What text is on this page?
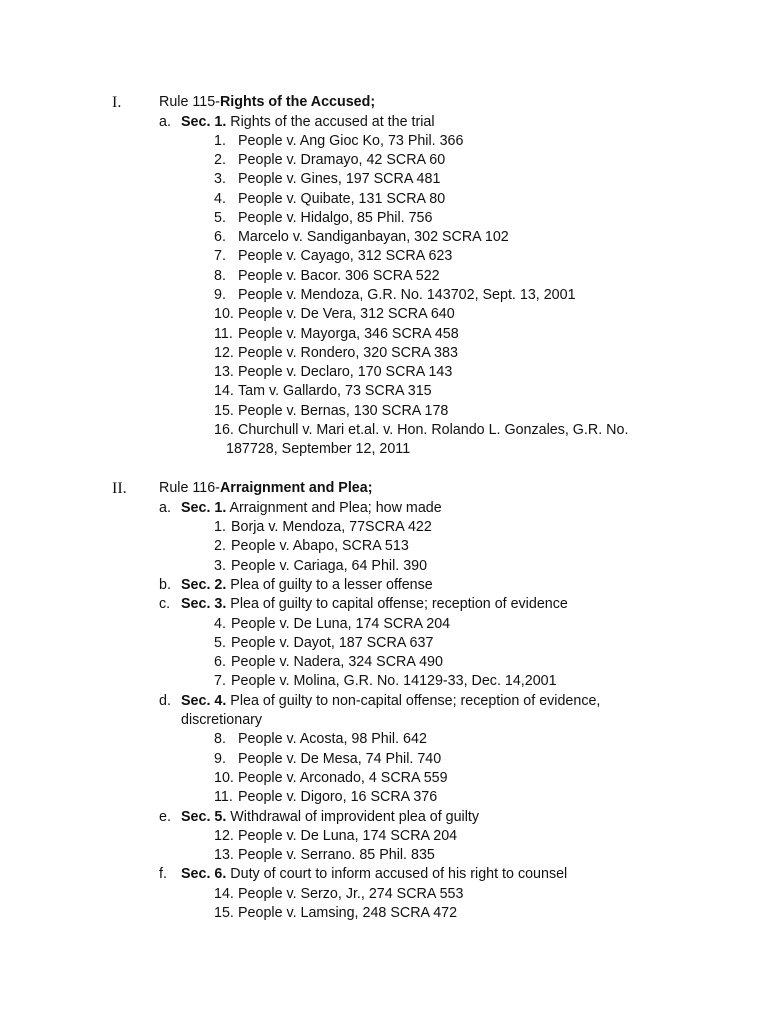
I.	Rule 115-Rights of the Accused;
a. Sec. 1. Rights of the accused at the trial
1. People v. Ang Gioc Ko, 73 Phil. 366
2. People v. Dramayo, 42 SCRA 60
3. People v. Gines, 197 SCRA 481
4. People v. Quibate, 131 SCRA 80
5. People v. Hidalgo, 85 Phil. 756
6. Marcelo v. Sandiganbayan, 302 SCRA 102
7. People v. Cayago, 312 SCRA 623
8. People v. Bacor. 306 SCRA 522
9. People v. Mendoza, G.R. No. 143702, Sept. 13, 2001
10. People v. De Vera, 312 SCRA 640
11. People v. Mayorga, 346 SCRA 458
12. People v. Rondero, 320 SCRA 383
13. People v. Declaro, 170 SCRA 143
14. Tam v. Gallardo, 73 SCRA 315
15. People v. Bernas, 130 SCRA 178
16. Churchull v. Mari et.al. v. Hon. Rolando L. Gonzales, G.R. No.
187728, September 12, 2011
II. Rule 116-Arraignment and Plea;
a. Sec. 1. Arraignment and Plea; how made
1. Borja v. Mendoza, 77SCRA 422
2. People v. Abapo, SCRA 513
3. People v. Cariaga, 64 Phil. 390
b. Sec. 2. Plea of guilty to a lesser offense
c. Sec. 3. Plea of guilty to capital offense; reception of evidence
4. People v. De Luna, 174 SCRA 204
5. People v. Dayot, 187 SCRA 637
6. People v. Nadera, 324 SCRA 490
7. People v. Molina, G.R. No. 14129-33, Dec. 14,2001
d. Sec. 4. Plea of guilty to non-capital offense; reception of evidence,
discretionary
8. People v. Acosta, 98 Phil. 642
9. People v. De Mesa, 74 Phil. 740
10. People v. Arconado, 4 SCRA 559
11. People v. Digoro, 16 SCRA 376
e. Sec. 5. Withdrawal of improvident plea of guilty
12. People v. De Luna, 174 SCRA 204
13. People v. Serrano. 85 Phil. 835
f. Sec. 6. Duty of court to inform accused of his right to counsel
14. People v. Serzo, Jr., 274 SCRA 553
15. People v. Lamsing, 248 SCRA 472
